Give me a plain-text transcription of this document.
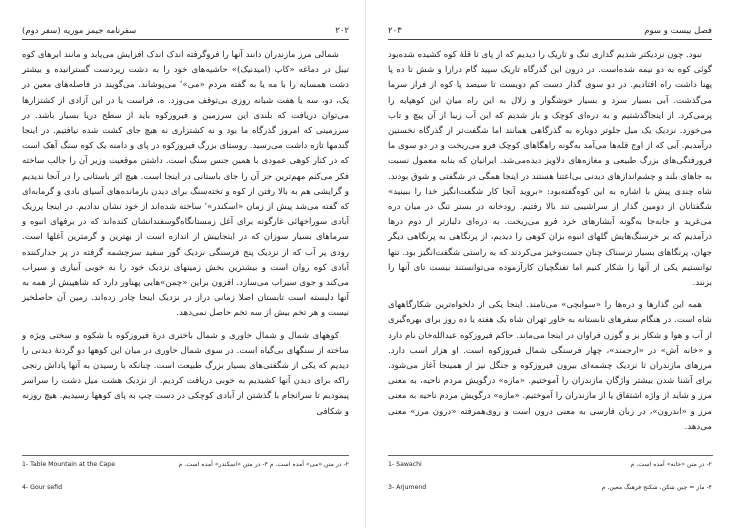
۲۰۲
سفرنامه جیمز موریه (سفر دوم)

شمالی مرز مازندران دانند آنها را فروگرفته اندک اندک افزایش می‌یابد و مانند ابرهای کوه تیبل در دماغه «کاپ (امیدنیک)» حاشیه‌های خود را به دشت زیردست گسترانیده و بیشتر دشت همسایه را با مه یا به گفته مردم «می»٬ می‌پوشاند. می‌گویند در فاصله‌های معین در یک، دو، سه یا هفت شبانه روزی بی‌توقف می‌وزد. ه، فراست یا در این آزادی از کشتزارها می‌توان دریافت که بلندی این سرزمین و فیروزکوه باید از سطح دریا بسیار باشد. در سرزمینی که امروز گذرگاه ما بود و نه کشتزاری نه هیچ جای کشت شده نیافتیم. در اینجا گندمها تازه داشت می‌رسید. روستای بزرگ فیروزکوه در پای و دامنه یک کوه سنگ آهک است که در کنار کوهی عمودی با همین جنس سنگ است. داشتن موقعیت وزیر آن را جالب ساخته فکر می‌کنم مهم‌ترین جز آن را جای باستانی در اینجا است. هیچ اثر باستانی را در آنجا ندیدیم و گرایشی هم به بالا رفتن از کوه و تخته‌سنگ برای دیدن بازمانده‌های آسیای بادی و گرمابه‌ای که گفته می‌شد پیش از زمان «اسکندر»٬ ساخته شده‌اند از خود نشان ندادیم. در اینجا پرزیک آبادی سوراخهائی غارگونه برای آغل زمستانگاه‌گوسفندانشان کنده‌اند که در برفهای انبوه و سرماهای بسیار سوزان که در اینجاییش از اندازه است از بهترین و گرمترین آغلها است. رودی پر آب که از نزدیک پنج فرسنگی نزدیک گور سفید سرچشمه گرفته در پر جدارکننده آبادی کوه روان است و بیشترین بخش زمینهای نزدیک خود را به خوبی آبیاری و سیراب می‌کند و جوی سیراب می‌سازد. افزون براین «چمن»هایی پهناور دارد که شاهپیش از همه به آنها دلبسته است تابستان اصلا زمانی دراز در نزدیک اینجا چادر زده‌اند. زمین آن حاصلخیز نیست و هر تخم بیش از سه تخم حاصل نمی‌دهد.

کوههای شمال و شمال خاوری و شمال باختری درهٔ فیروزکوه با شکوه و سختی ویژه و ساخته از سنگهای بی‌گیاه است. در سوی شمال خاوری در میان این کوهها دو گردنهٔ دیدنی را دیدیم که یکی از شگفتی‌های بسیار بزرگ طبیعت است. چنانکه با رسیدن به آنها پاداش رنجی راکه برای دیدن آنها کشیدیم به خوبی دریافت کردیم. از نزدیک هشت میل دشت را سراسر پیمودیم تا سرانجام با گذشتن از آبادی کوچکی در دست چپ به پای کوهها رسیدیم. هیچ روزنه و شکافی

1- Table Mountain at the Cape	۲- در متن «می» آمده است. م ۳- در متن «اسکندر» آمده است. م
4- Gour sefid
فصل بیست و سوم
۲۰۳

نبود. چون نزدیکتر شدیم گذاری تنگ و تاریک را دیدیم که از پای تا قلهٔ کوه کشیده شده‌بود گوئی کوه به دو نیمه شده‌است. در درون این گذرگاه تاریک سپید گام درازا و شش تا ده پا پهنا داشت راه افتادیم. در دو سوی گذار دست کم دویست تا سیصد پا کوه از فراز سرما می‌گذشت. آبی بسیار سرد و بسیار خوشگوار و زلال به این راه میان این کوهپایه را پرمی‌کرد. از اینجاگذشتیم و به دره‌ای کوچک و باز شدیم که این آب زیبا از آن پیچ و تاب می‌خورد. نزدیک یک میل جلوتر دوباره به گذرگاهی همانند اما شگفت‌تر از گذرگاه نخستین درآمدیم. آبی که از اوج قله‌ها می‌آمد به‌گونه راهگاهای کوچک فرو می‌ریخت و در دو سوی ما فرورفتگی‌های بزرگ طبیعی و مغازه‌های دلاویز دیده‌می‌شد. ایرانیان که بنابه معمول نسبت به جاهای بلند و چشم‌اندازهای دیدنی بی‌اعتنا هستند در اینجا همگی در شگفتی و شوق بودند. شاه چندی پیش با اشاره به این کوه‌گفته‌بود: «بروید آنجا کار شگفت‌انگیز خدا را ببینید» شگفتانان از دومین گذار از سراشیبی تند بالا رفتیم. رودخانه در بستر تنگ در میان دره می‌غرید و جابه‌جا به‌گونه آبشارهای خرد فرو می‌ریخت. به دره‌ای دلبازتر از دوم درها درآمدیم که بر خرسنگ‌هایش گلهای انبوه بزان کوهی را دیدیم، از پرنگاهی به پرنگاهی دیگر جهان، پرنگاهای بسیار ترسناک چنان جست‌وخیز می‌کردند که به راستی شگفت‌انگیز بود. تنها توانستیم یکی از آنها را شکار کنیم اما تفنگچیان کارآزموده می‌توانستند بیست تای آنها را بزنند.

همه این گذارها و دره‌ها را «سوابچی» می‌نامند. اینجا یکی از دلخواه‌ترین شکارگاههای شاه است. در هنگام سفرهای تابستانه به خاور تهران شاه یک هفته یا ده روز برای بهره‌گیری از آب و هوا و شکار بز و گوزن فراوان در اینجا می‌ماند. حاکم فیروزکوه عبدالله‌خان نام دارد و «خانه آش» در «ارجمند»، چهار فرسنگی شمال فیروزکوه است. او هزار اسب دارد. مرزهای مازندران تا نزدیک چشمه‌ای بیرون فیروزکوه و جنگل نیز از همینجا آغاز می‌شود. برای آشنا شدن بیشتر واژگان مازندران را آموختیم. «مازه» درگویش مردم ناحیه، به معنی مرز و شاید از واژه اشتقاق یا از مازندران را آموختیم. «مازه» درگویش مردم ناحیه به معنی مرز و «اندرون»، در زبان فارسی به معنی درون است و روی‌همرفته «درون مرز» معنی می‌دهد.

1- Sawachi	۲- در متن «خانه» آمده است. م
3- Arjumend	۴- ماز = چین شکن، شکنج فرهنگ معین. م
